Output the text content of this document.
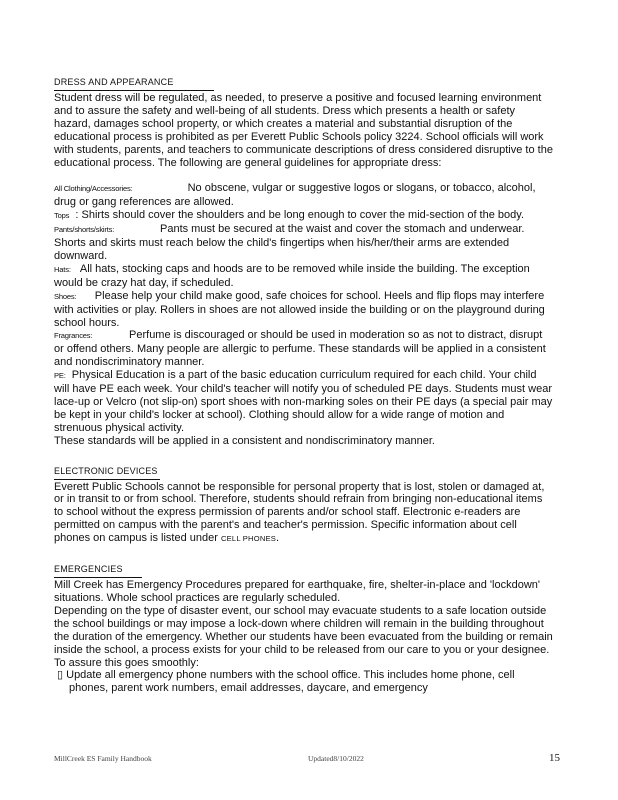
DRESS AND APPEARANCE

Student dress will be regulated, as needed, to preserve a positive and focused learning environment and to assure the safety and well-being of all students. Dress which presents a health or safety hazard, damages school property, or which creates a material and substantial disruption of the educational process is prohibited as per Everett Public Schools policy 3224. School officials will work with students, parents, and teachers to communicate descriptions of dress considered disruptive to the educational process. The following are general guidelines for appropriate dress:

All Clothing/Accessories:	No obscene, vulgar or suggestive logos or slogans, or tobacco, alcohol, drug or gang references are allowed.

Tops : Shirts should cover the shoulders and be long enough to cover the mid-section of the body.

Pants/shorts/skirts:	Pants must be secured at the waist and cover the stomach and underwear. Shorts and skirts must reach below the child's fingertips when his/her/their arms are extended downward.

Hats: All hats, stocking caps and hoods are to be removed while inside the building. The exception would be crazy hat day, if scheduled.

Shoes: Please help your child make good, safe choices for school. Heels and flip flops may interfere with activities or play. Rollers in shoes are not allowed inside the building or on the playground during school hours.

Fragrances:	Perfume is discouraged or should be used in moderation so as not to distract, disrupt or offend others. Many people are allergic to perfume. These standards will be applied in a consistent and nondiscriminatory manner.

PE: Physical Education is a part of the basic education curriculum required for each child. Your child will have PE each week. Your child's teacher will notify you of scheduled PE days. Students must wear lace-up or Velcro (not slip-on) sport shoes with non-marking soles on their PE days (a special pair may be kept in your child's locker at school). Clothing should allow for a wide range of motion and strenuous physical activity.

These standards will be applied in a consistent and nondiscriminatory manner.

ELECTRONIC DEVICES

Everett Public Schools cannot be responsible for personal property that is lost, stolen or damaged at, or in transit to or from school. Therefore, students should refrain from bringing non-educational items to school without the express permission of parents and/or school staff. Electronic e-readers are permitted on campus with the parent's and teacher's permission. Specific information about cell phones on campus is listed under CELL PHONES.

EMERGENCIES

Mill Creek has Emergency Procedures prepared for earthquake, fire, shelter-in-place and 'lockdown' situations. Whole school practices are regularly scheduled.

Depending on the type of disaster event, our school may evacuate students to a safe location outside the school buildings or may impose a lock-down where children will remain in the building throughout the duration of the emergency. Whether our students have been evacuated from the building or remain inside the school, a process exists for your child to be released from our care to you or your designee. To assure this goes smoothly:

▯ Update all emergency phone numbers with the school office. This includes home phone, cell phones, parent work numbers, email addresses, daycare, and emergency

MillCreek ES Family Handbook	Updated8/10/2022	15
